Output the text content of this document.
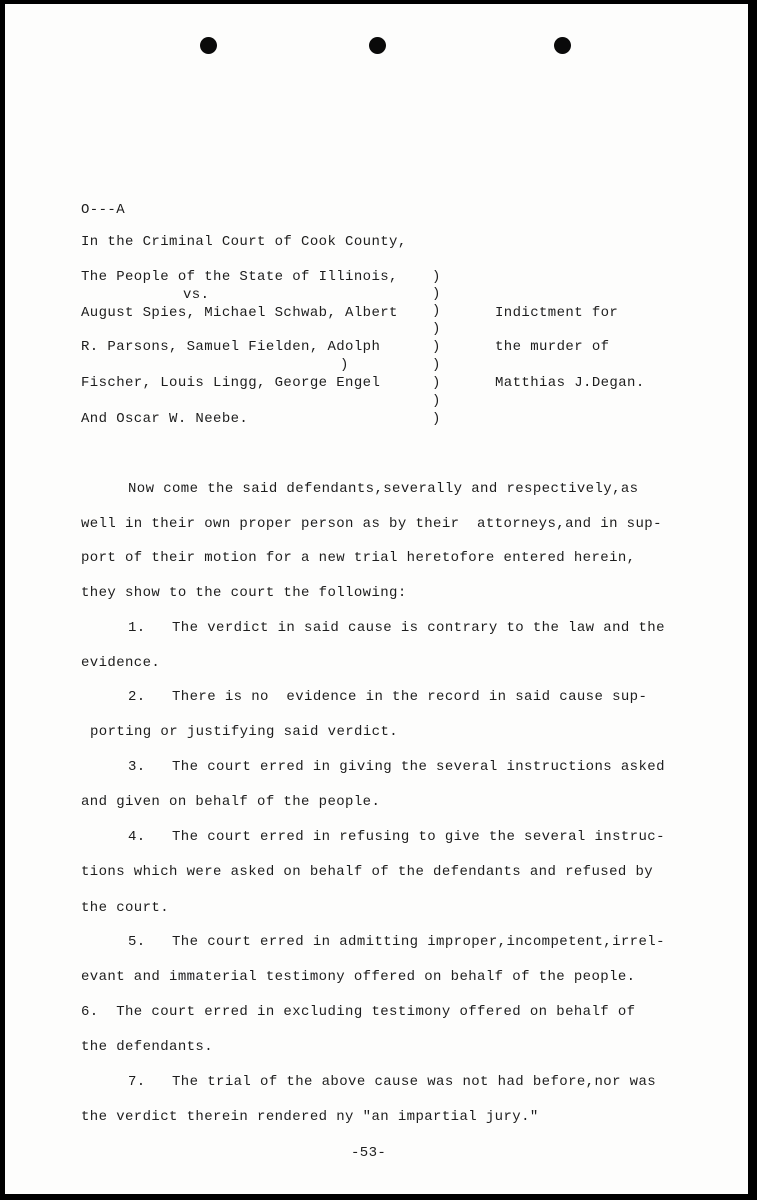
O---A
In the Criminal Court of Cook County,
The People of the State of Illinois,
vs.
August Spies, Michael Schwab, Albert
R. Parsons, Samuel Fielden, Adolph
Fischer, Louis Lingg, George Engel
And Oscar W. Neebe.
)
)
)
)
)
)	)
)
)
)
Indictment for
the murder of
Matthias J.Degan.
Now come the said defendants,severally and respectively,as
well in their own proper person as by their  attorneys,and in sup-
port of their motion for a new trial heretofore entered herein,
they show to the court the following:
1.   The verdict in said cause is contrary to the law and the
evidence.
2.   There is no  evidence in the record in said cause sup-
porting or justifying said verdict.
3.   The court erred in giving the several instructions asked
and given on behalf of the people.
4.   The court erred in refusing to give the several instruc-
tions which were asked on behalf of the defendants and refused by
the court.
5.   The court erred in admitting improper,incompetent,irrel-
evant and immaterial testimony offered on behalf of the people.
6.  The court erred in excluding testimony offered on behalf of
the defendants.
7.   The trial of the above cause was not had before,nor was
the verdict therein rendered ny "an impartial jury."
-53-
